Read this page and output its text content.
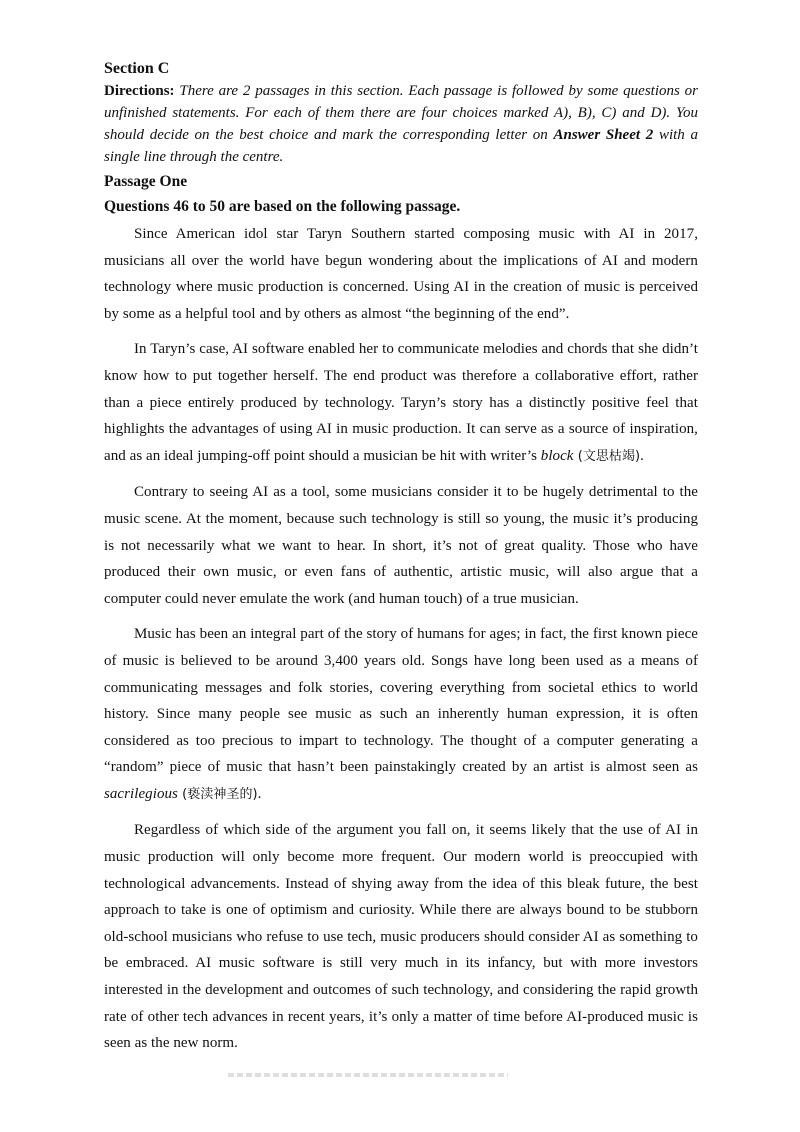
Section C

Directions: There are 2 passages in this section. Each passage is followed by some questions or unfinished statements. For each of them there are four choices marked A), B), C) and D). You should decide on the best choice and mark the corresponding letter on Answer Sheet 2 with a single line through the centre.

Passage One

Questions 46 to 50 are based on the following passage.

Since American idol star Taryn Southern started composing music with AI in 2017, musicians all over the world have begun wondering about the implications of AI and modern technology where music production is concerned. Using AI in the creation of music is perceived by some as a helpful tool and by others as almost “the beginning of the end”.

In Taryn’s case, AI software enabled her to communicate melodies and chords that she didn’t know how to put together herself. The end product was therefore a collaborative effort, rather than a piece entirely produced by technology. Taryn’s story has a distinctly positive feel that highlights the advantages of using AI in music production. It can serve as a source of inspiration, and as an ideal jumping-off point should a musician be hit with writer’s block (文思枯竭).

Contrary to seeing AI as a tool, some musicians consider it to be hugely detrimental to the music scene. At the moment, because such technology is still so young, the music it’s producing is not necessarily what we want to hear. In short, it’s not of great quality. Those who have produced their own music, or even fans of authentic, artistic music, will also argue that a computer could never emulate the work (and human touch) of a true musician.

Music has been an integral part of the story of humans for ages; in fact, the first known piece of music is believed to be around 3,400 years old. Songs have long been used as a means of communicating messages and folk stories, covering everything from societal ethics to world history. Since many people see music as such an inherently human expression, it is often considered as too precious to impart to technology. The thought of a computer generating a “random” piece of music that hasn’t been painstakingly created by an artist is almost seen as sacrilegious (亵渎神圣的).

Regardless of which side of the argument you fall on, it seems likely that the use of AI in music production will only become more frequent. Our modern world is preoccupied with technological advancements. Instead of shying away from the idea of this bleak future, the best approach to take is one of optimism and curiosity. While there are always bound to be stubborn old-school musicians who refuse to use tech, music producers should consider AI as something to be embraced. AI music software is still very much in its infancy, but with more investors interested in the development and outcomes of such technology, and considering the rapid growth rate of other tech advances in recent years, it’s only a matter of time before AI-produced music is seen as the new norm.
